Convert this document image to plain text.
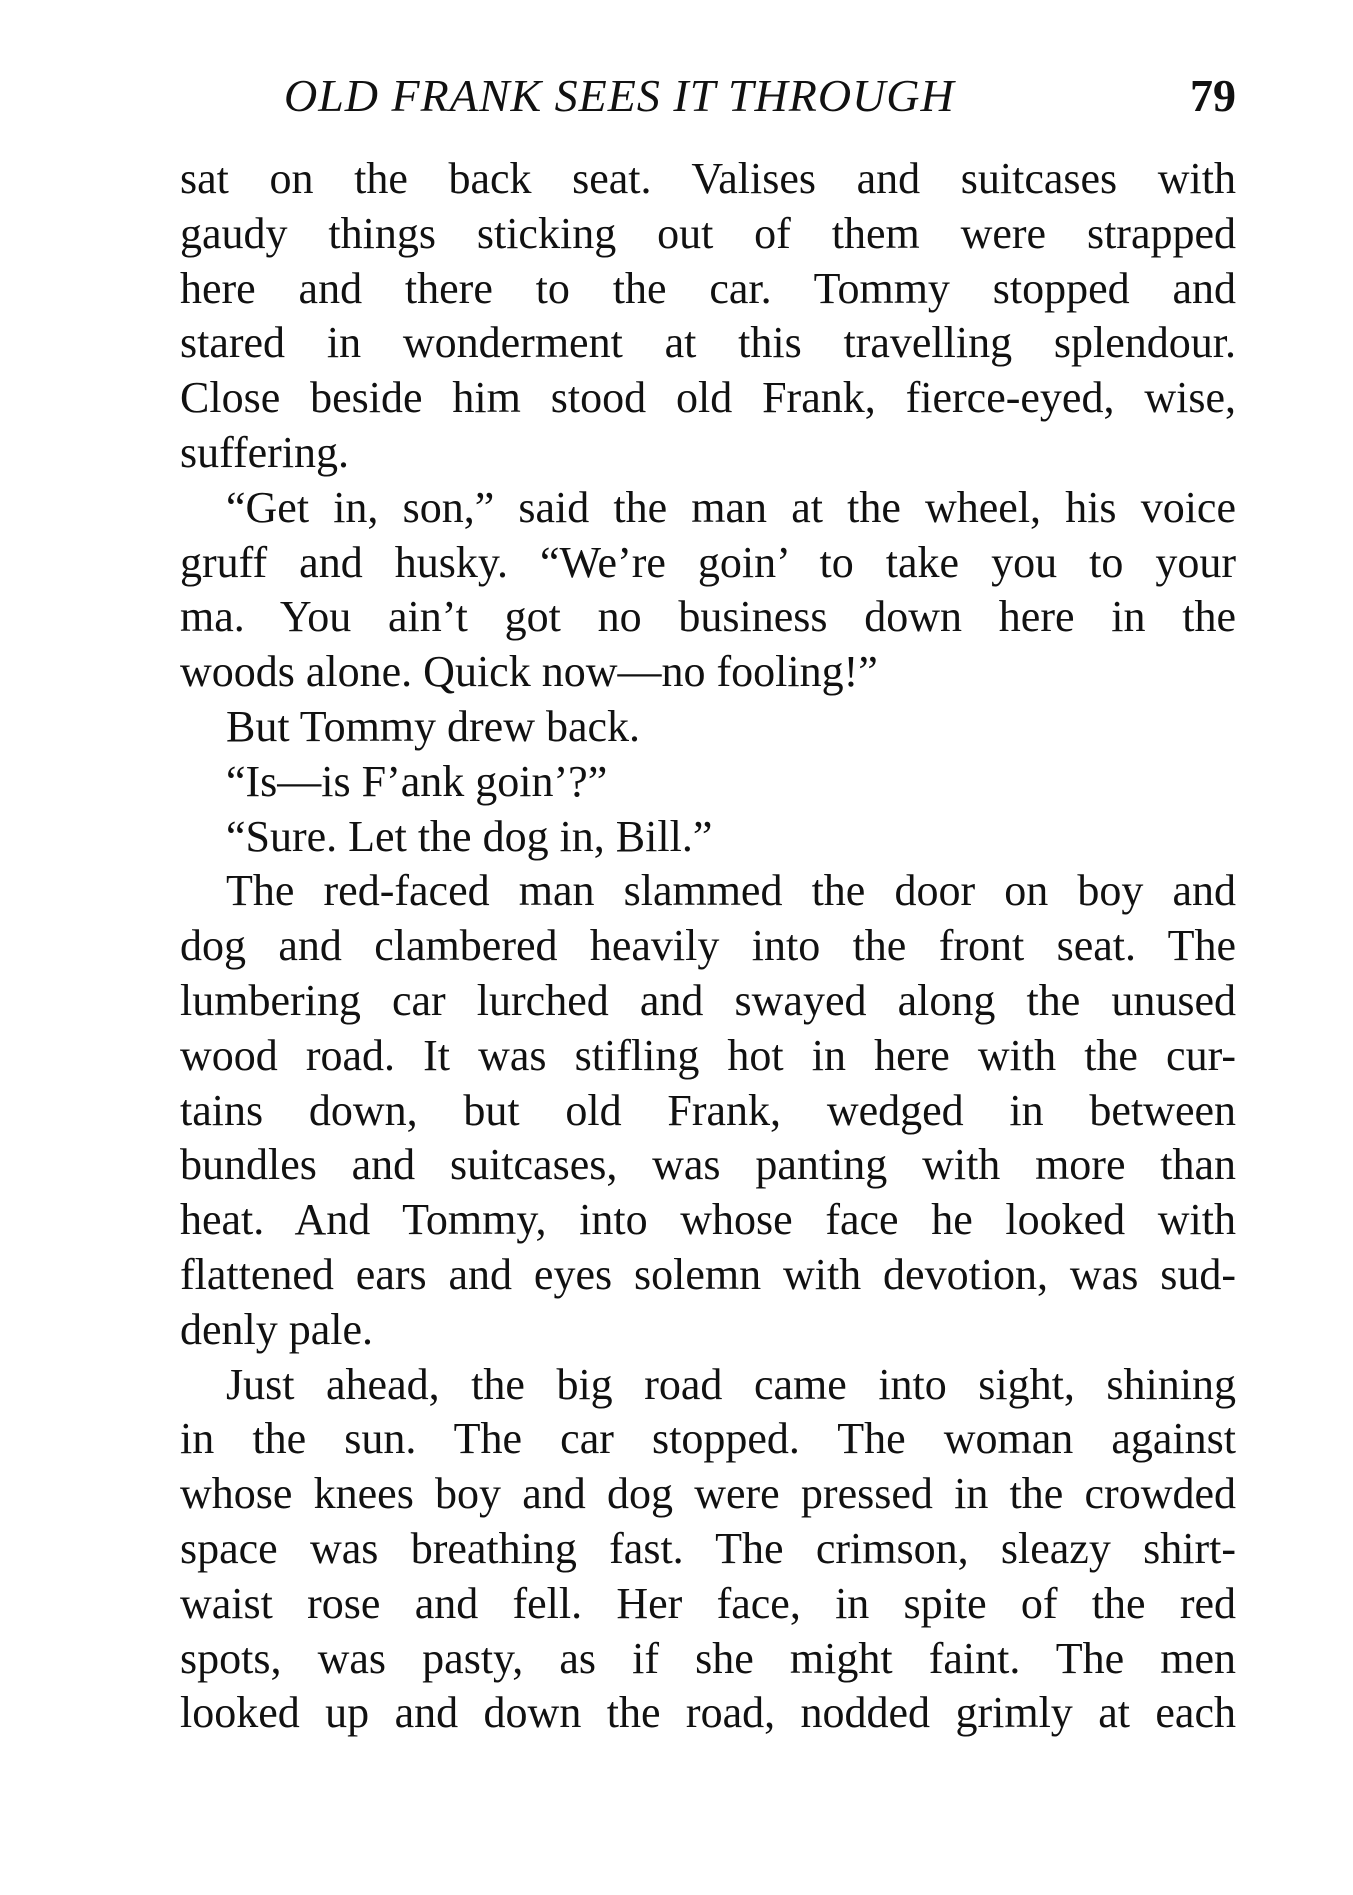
OLD FRANK SEES IT THROUGH	79
sat on the back seat. Valises and suitcases with
gaudy things sticking out of them were strapped
here and there to the car. Tommy stopped and
stared in wonderment at this travelling splendour.
Close beside him stood old Frank, fierce-eyed, wise,
suffering.
“Get in, son,” said the man at the wheel, his voice
gruff and husky. “We’re goin’ to take you to your
ma. You ain’t got no business down here in the
woods alone. Quick now—no fooling!”
But Tommy drew back.
“Is—is F’ank goin’?”
“Sure. Let the dog in, Bill.”
The red-faced man slammed the door on boy and
dog and clambered heavily into the front seat. The
lumbering car lurched and swayed along the unused
wood road. It was stifling hot in here with the cur-
tains down, but old Frank, wedged in between
bundles and suitcases, was panting with more than
heat. And Tommy, into whose face he looked with
flattened ears and eyes solemn with devotion, was sud-
denly pale.
Just ahead, the big road came into sight, shining
in the sun. The car stopped. The woman against
whose knees boy and dog were pressed in the crowded
space was breathing fast. The crimson, sleazy shirt-
waist rose and fell. Her face, in spite of the red
spots, was pasty, as if she might faint. The men
looked up and down the road, nodded grimly at each
